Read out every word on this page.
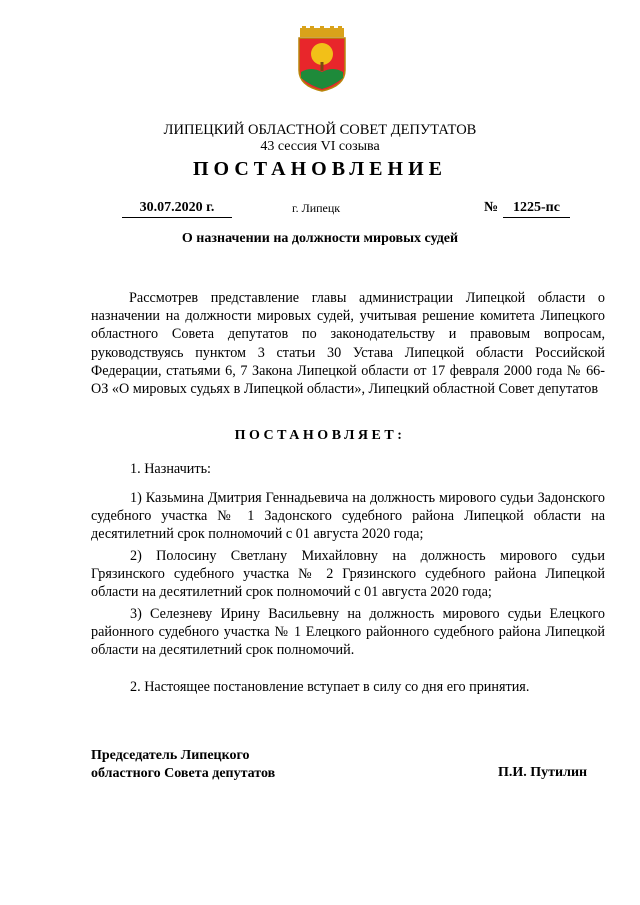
ЛИПЕЦКИЙ ОБЛАСТНОЙ СОВЕТ ДЕПУТАТОВ
43 сессия VI созыва
ПОСТАНОВЛЕНИЕ
30.07.2020 г.	г. Липецк	№	1225-пс
О назначении на должности мировых судей
Рассмотрев представление главы администрации Липецкой области о назначении на должности мировых судей, учитывая решение комитета Липецкого областного Совета депутатов по законодательству и правовым вопросам, руководствуясь пунктом 3 статьи 30 Устава Липецкой области Российской Федерации, статьями 6, 7 Закона Липецкой области от 17 февраля 2000 года № 66-ОЗ «О мировых судьях в Липецкой области», Липецкий областной Совет депутатов
ПОСТАНОВЛЯЕТ:
1. Назначить:
1) Казьмина Дмитрия Геннадьевича на должность мирового судьи Задонского судебного участка № 1 Задонского судебного района Липецкой области на десятилетний срок полномочий с 01 августа 2020 года;
2) Полосину Светлану Михайловну на должность мирового судьи Грязинского судебного участка № 2 Грязинского судебного района Липецкой области на десятилетний срок полномочий с 01 августа 2020 года;
3) Селезневу Ирину Васильевну на должность мирового судьи Елецкого районного судебного участка № 1 Елецкого районного судебного района Липецкой области на десятилетний срок полномочий.
2. Настоящее постановление вступает в силу со дня его принятия.
Председатель Липецкого
областного Совета депутатов	П.И. Путилин
